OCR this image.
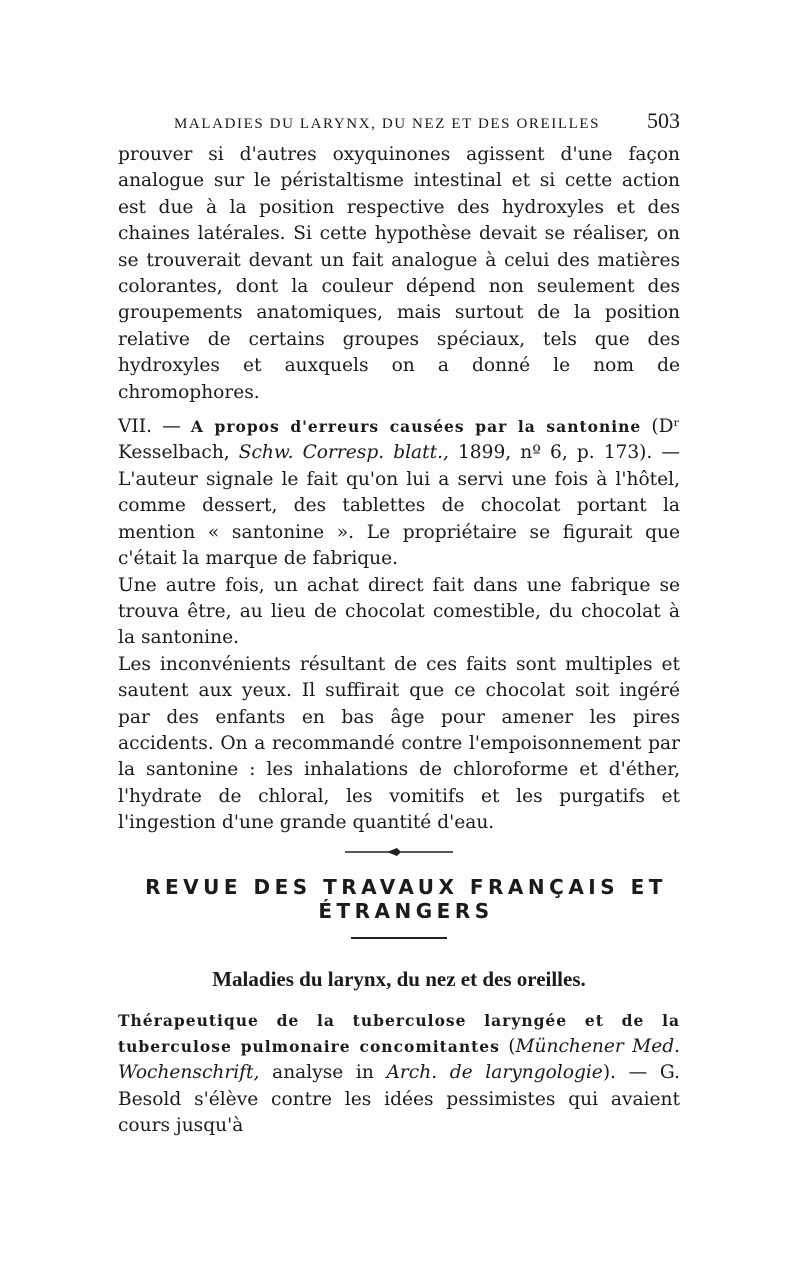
MALADIES DU LARYNX, DU NEZ ET DES OREILLES 503

prouver si d'autres oxyquinones agissent d'une façon analogue sur le péristaltisme intestinal et si cette action est due à la position respective des hydroxyles et des chaines latérales. Si cette hypothèse devait se réaliser, on se trouverait devant un fait analogue à celui des matières colorantes, dont la couleur dépend non seulement des groupements anatomiques, mais surtout de la position relative de certains groupes spéciaux, tels que des hydroxyles et auxquels on a donné le nom de chromophores.

VII. — A propos d'erreurs causées par la santonine (Dʳ Kesselbach, Schw. Corresp. blatt., 1899, nº 6, p. 173). — L'auteur signale le fait qu'on lui a servi une fois à l'hôtel, comme dessert, des tablettes de chocolat portant la mention « santonine ». Le propriétaire se figurait que c'était la marque de fabrique.

Une autre fois, un achat direct fait dans une fabrique se trouva être, au lieu de chocolat comestible, du chocolat à la santonine.

Les inconvénients résultant de ces faits sont multiples et sautent aux yeux. Il suffirait que ce chocolat soit ingéré par des enfants en bas âge pour amener les pires accidents. On a recommandé contre l'empoisonnement par la santonine : les inhalations de chloroforme et d'éther, l'hydrate de chloral, les vomitifs et les purgatifs et l'ingestion d'une grande quantité d'eau.

REVUE DES TRAVAUX FRANÇAIS ET ÉTRANGERS
Maladies du larynx, du nez et des oreilles.

Thérapeutique de la tuberculose laryngée et de la tuberculose pulmonaire concomitantes (Münchener Med. Wochenschrift, analyse in Arch. de laryngologie). — G. Besold s'élève contre les idées pessimistes qui avaient cours jusqu'à
